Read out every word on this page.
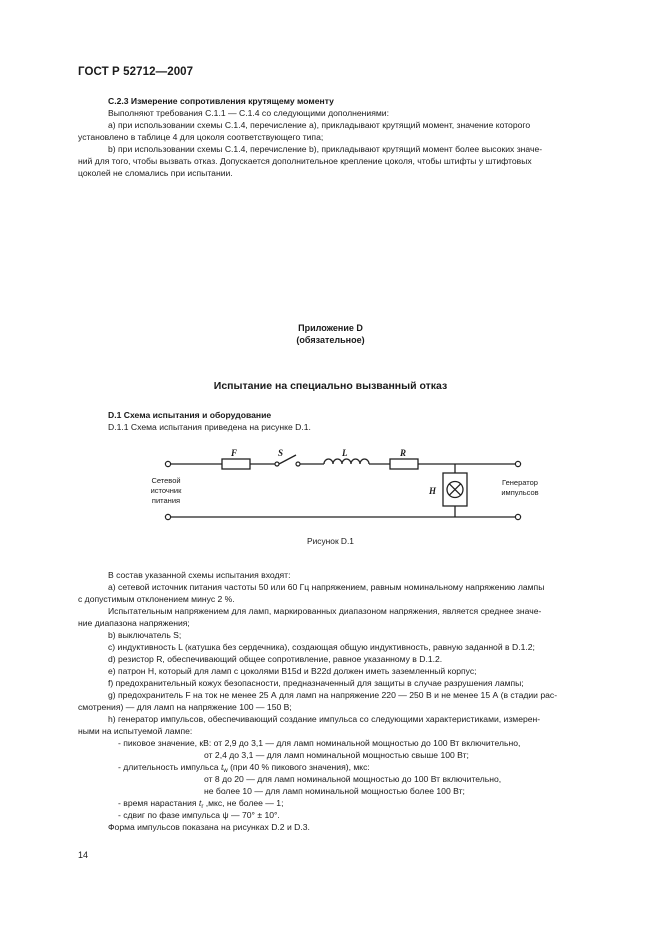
ГОСТ Р 52712—2007
С.2.3 Измерение сопротивления крутящему моменту
Выполняют требования С.1.1 — С.1.4 со следующими дополнениями:
a) при использовании схемы С.1.4, перечисление а), прикладывают крутящий момент, значение которого
установлено в таблице 4 для цоколя соответствующего типа;
b) при использовании схемы С.1.4, перечисление b), прикладывают крутящий момент более высоких значе-
ний для того, чтобы вызвать отказ. Допускается дополнительное крепление цоколя, чтобы штифты у штифтовых
цоколей не сломались при испытании.
Приложение D
(обязательное)
Испытание на специально вызванный отказ
D.1 Схема испытания и оборудование
D.1.1 Схема испытания приведена на рисунке D.1.
F	S	L	R
H
Сетевой
источник
питания
Генератор
импульсов
Рисунок D.1
В состав указанной схемы испытания входят:
a) сетевой источник питания частоты 50 или 60 Гц напряжением, равным номинальному напряжению лампы
с допустимым отклонением минус 2 %.
Испытательным напряжением для ламп, маркированных диапазоном напряжения, является среднее значе-
ние диапазона напряжения;
b) выключатель S;
c) индуктивность L (катушка без сердечника), создающая общую индуктивность, равную заданной в D.1.2;
d) резистор R, обеспечивающий общее сопротивление, равное указанному в D.1.2.
e) патрон H, который для ламп с цоколями В15d и В22d должен иметь заземленный корпус;
f) предохранительный кожух безопасности, предназначенный для защиты в случае разрушения лампы;
g) предохранитель F на ток не менее 25 А для ламп на напряжение 220 — 250 В и не менее 15 А (в стадии рас-
смотрения) — для ламп на напряжение 100 — 150 В;
h) генератор импульсов, обеспечивающий создание импульса со следующими характеристиками, измерен-
ными на испытуемой лампе:
- пиковое значение, кВ: от 2,9 до 3,1 — для ламп номинальной мощностью до 100 Вт включительно,
от 2,4 до 3,1 — для ламп номинальной мощностью свыше 100 Вт;
- длительность импульса $t_w$ (при 40 % пикового значения), мкс:
от 8 до 20 — для ламп номинальной мощностью до 100 Вт включительно,
не более 10 — для ламп номинальной мощностью более 100 Вт;
- время нарастания $t_r$ ,мкс, не более — 1;
- сдвиг по фазе импульса ψ — 70° ± 10°.
Форма импульсов показана на рисунках D.2 и D.3.
14
